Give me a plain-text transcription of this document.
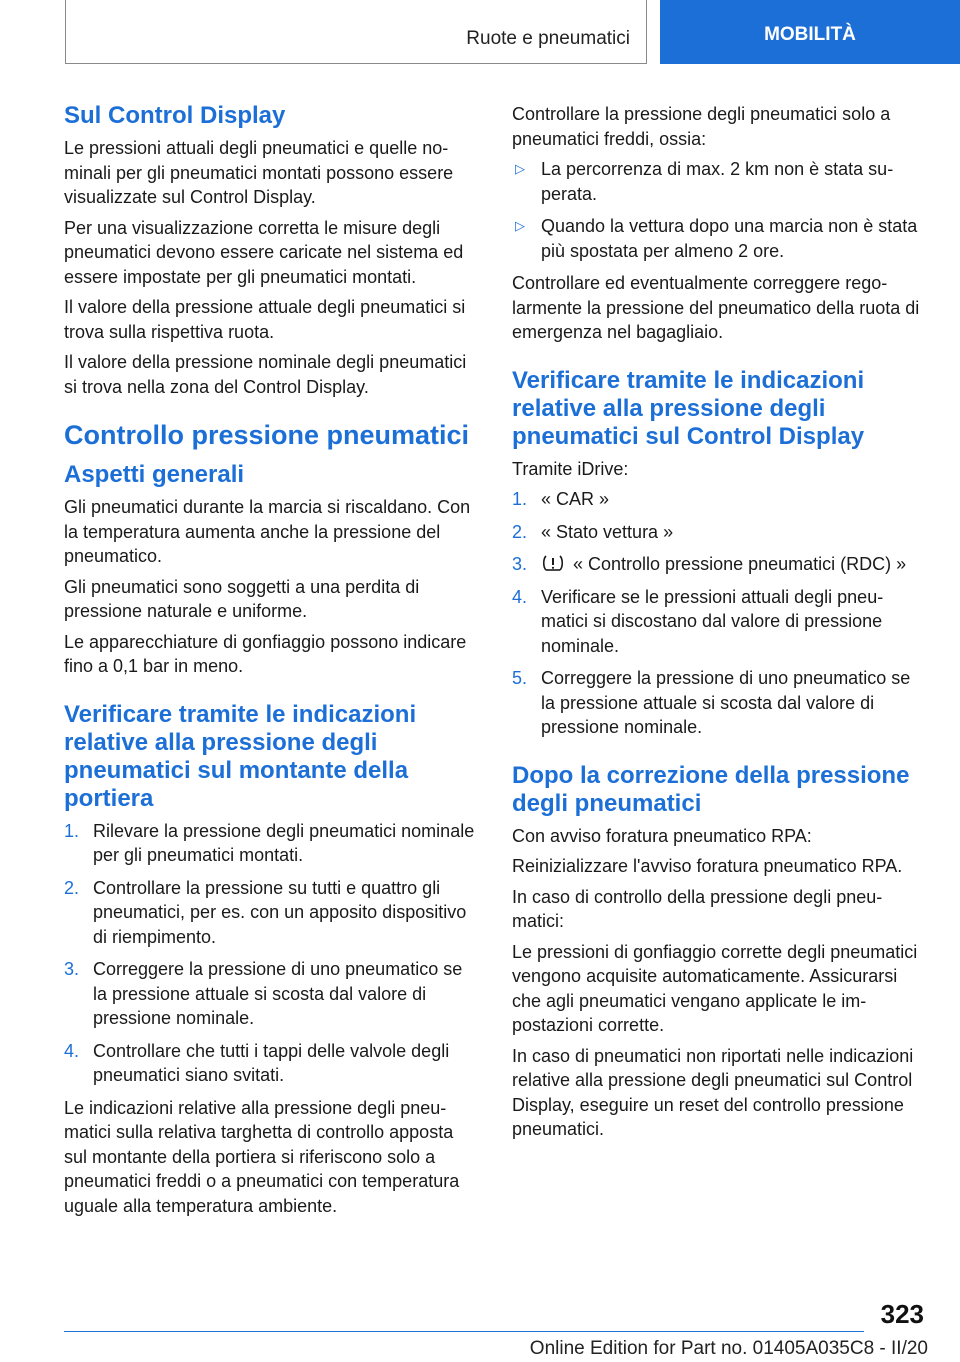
Ruote e pneumatici	MOBILITÀ
Sul Control Display

Le pressioni attuali degli pneumatici e quelle nominali per gli pneumatici montati possono essere visualizzate sul Control Display.

Per una visualizzazione corretta le misure degli pneumatici devono essere caricate nel sistema ed essere impostate per gli pneumatici montati.

Il valore della pressione attuale degli pneumatici si trova sulla rispettiva ruota.

Il valore della pressione nominale degli pneumatici si trova nella zona del Control Display.

Controllo pressione pneumatici
Aspetti generali

Gli pneumatici durante la marcia si riscaldano. Con la temperatura aumenta anche la pressione del pneumatico.

Gli pneumatici sono soggetti a una perdita di pressione naturale e uniforme.

Le apparecchiature di gonfiaggio possono indicare fino a 0,1 bar in meno.

Verificare tramite le indicazioni relative alla pressione degli pneumatici sul montante della portiera
1. Rilevare la pressione degli pneumatici nominale per gli pneumatici montati.
2. Controllare la pressione su tutti e quattro gli pneumatici, per es. con un apposito dispositivo di riempimento.
3. Correggere la pressione di uno pneumatico se la pressione attuale si scosta dal valore di pressione nominale.
4. Controllare che tutti i tappi delle valvole degli pneumatici siano svitati.

Le indicazioni relative alla pressione degli pneumatici sulla relativa targhetta di controllo apposta sul montante della portiera si riferiscono solo a pneumatici freddi o a pneumatici con temperatura uguale alla temperatura ambiente.

Controllare la pressione degli pneumatici solo a pneumatici freddi, ossia:

▷ La percorrenza di max. 2 km non è stata superata.
▷ Quando la vettura dopo una marcia non è stata più spostata per almeno 2 ore.

Controllare ed eventualmente correggere regolarmente la pressione del pneumatico della ruota di emergenza nel bagagliaio.

Verificare tramite le indicazioni relative alla pressione degli pneumatici sul Control Display

Tramite iDrive:

1. « CAR »
2. « Stato vettura »
3.	« Controllo pressione pneumatici (RDC) »
4. Verificare se le pressioni attuali degli pneumatici si discostano dal valore di pressione nominale.
5. Correggere la pressione di uno pneumatico se la pressione attuale si scosta dal valore di pressione nominale.
Dopo la correzione della pressione degli pneumatici

Con avviso foratura pneumatico RPA:

Reinizializzare l'avviso foratura pneumatico RPA.

In caso di controllo della pressione degli pneumatici:

Le pressioni di gonfiaggio corrette degli pneumatici vengono acquisite automaticamente. Assicurarsi che agli pneumatici vengano applicate le impostazioni corrette.

In caso di pneumatici non riportati nelle indicazioni relative alla pressione degli pneumatici sul Control Display, eseguire un reset del controllo pressione pneumatici.

323
Online Edition for Part no. 01405A035C8 - II/20
